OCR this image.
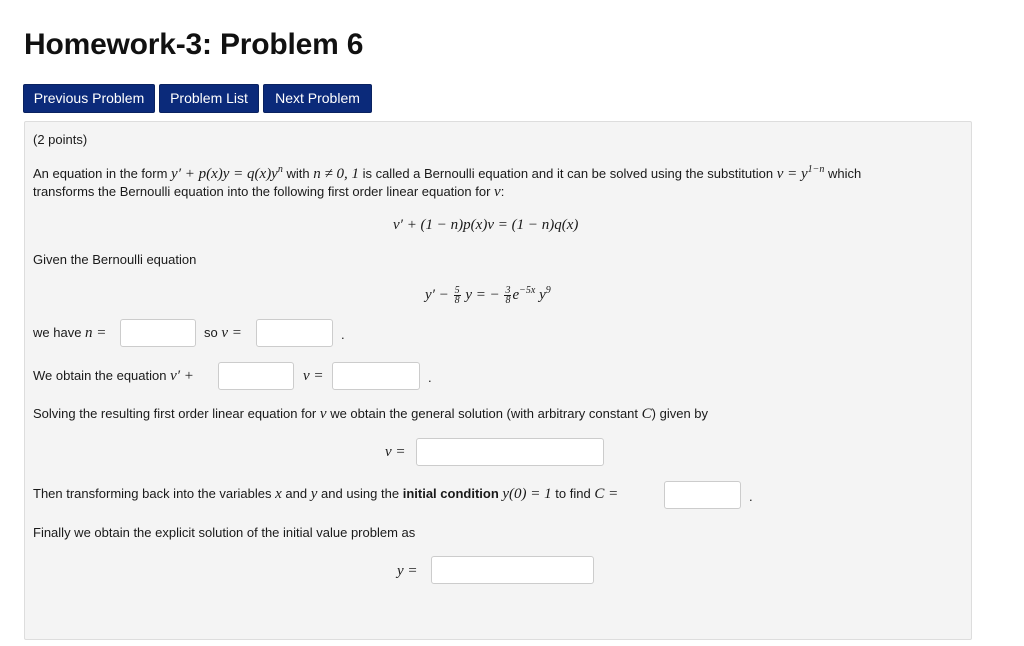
Homework-3: Problem 6
Previous Problem	Problem List	Next Problem
(2 points)
An equation in the form $y' + p(x)y = q(x)y^n$ with n ≠ 0, 1 is called a Bernoulli equation and it can be solved using the substitution $v = y^{1-n}$ which
transforms the Bernoulli equation into the following first order linear equation for v:
v′ + (1 − n)p(x)v = (1 − n)q(x)
Given the Bernoulli equation
$y' - \frac{5}{8}$ y = − $\frac{3}{8} e^{-5x}$ $y^9$
we have n =	so v =	.
We obtain the equation v′ +	v =	.
Solving the resulting first order linear equation for v we obtain the general solution (with arbitrary constant C) given by
v =
Then transforming back into the variables x and y and using the initial condition y(0) = 1 to find C =	.
Finally we obtain the explicit solution of the initial value problem as
y =
